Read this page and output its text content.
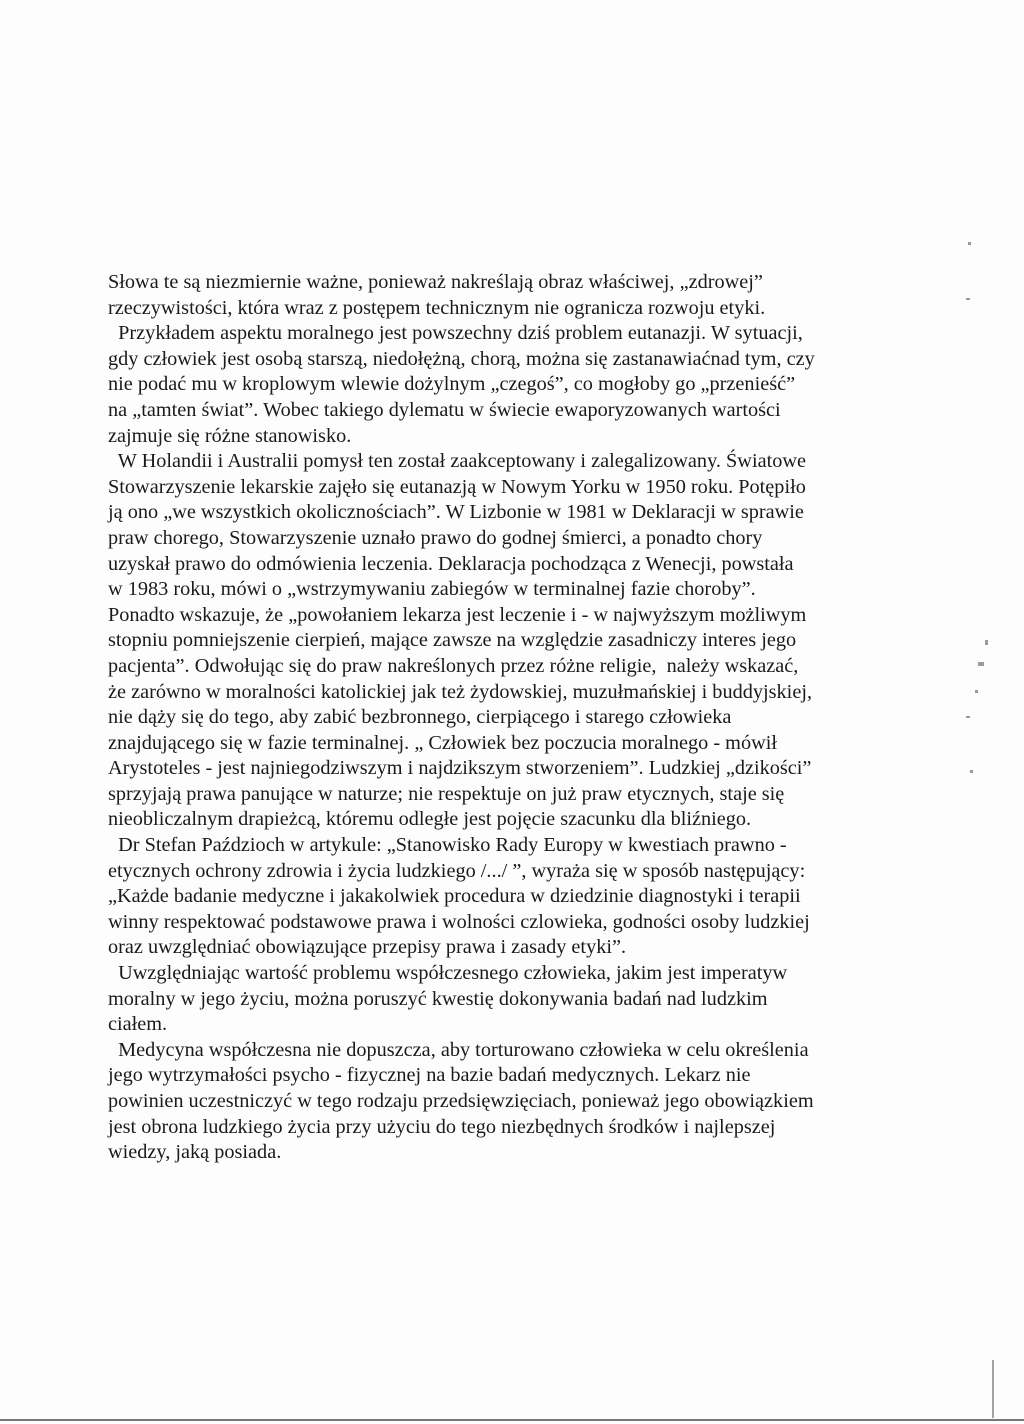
Słowa te są niezmiernie ważne, ponieważ nakreślają obraz właściwej, „zdrowej”
rzeczywistości, która wraz z postępem technicznym nie ogranicza rozwoju etyki.
Przykładem aspektu moralnego jest powszechny dziś problem eutanazji. W sytuacji,
gdy człowiek jest osobą starszą, niedołężną, chorą, można się zastanawiaćnad tym, czy
nie podać mu w kroplowym wlewie dożylnym „czegoś”, co mogłoby go „przenieść”
na „tamten świat”. Wobec takiego dylematu w świecie ewaporyzowanych wartości
zajmuje się różne stanowisko.
W Holandii i Australii pomysł ten został zaakceptowany i zalegalizowany. Światowe
Stowarzyszenie lekarskie zajęło się eutanazją w Nowym Yorku w 1950 roku. Potępiło
ją ono „we wszystkich okolicznościach”. W Lizbonie w 1981 w Deklaracji w sprawie
praw chorego, Stowarzyszenie uznało prawo do godnej śmierci, a ponadto chory
uzyskał prawo do odmówienia leczenia. Deklaracja pochodząca z Wenecji, powstała
w 1983 roku, mówi o „wstrzymywaniu zabiegów w terminalnej fazie choroby”.
Ponadto wskazuje, że „powołaniem lekarza jest leczenie i - w najwyższym możliwym
stopniu pomniejszenie cierpień, mające zawsze na względzie zasadniczy interes jego
pacjenta”. Odwołując się do praw nakreślonych przez różne religie,  należy wskazać,
że zarówno w moralności katolickiej jak też żydowskiej, muzułmańskiej i buddyjskiej,
nie dąży się do tego, aby zabić bezbronnego, cierpiącego i starego człowieka
znajdującego się w fazie terminalnej. „ Człowiek bez poczucia moralnego - mówił
Arystoteles - jest najniegodziwszym i najdzikszym stworzeniem”. Ludzkiej „dzikości”
sprzyjają prawa panujące w naturze; nie respektuje on już praw etycznych, staje się
nieobliczalnym drapieżcą, któremu odległe jest pojęcie szacunku dla bliźniego.
Dr Stefan Paździoch w artykule: „Stanowisko Rady Europy w kwestiach prawno -
etycznych ochrony zdrowia i życia ludzkiego /.../ ”, wyraża się w sposób następujący:
„Każde badanie medyczne i jakakolwiek procedura w dziedzinie diagnostyki i terapii
winny respektować podstawowe prawa i wolności czlowieka, godności osoby ludzkiej
oraz uwzględniać obowiązujące przepisy prawa i zasady etyki”.
Uwzględniając wartość problemu współczesnego człowieka, jakim jest imperatyw
moralny w jego życiu, można poruszyć kwestię dokonywania badań nad ludzkim
ciałem.
Medycyna współczesna nie dopuszcza, aby torturowano człowieka w celu określenia
jego wytrzymałości psycho - fizycznej na bazie badań medycznych. Lekarz nie
powinien uczestniczyć w tego rodzaju przedsięwzięciach, ponieważ jego obowiązkiem
jest obrona ludzkiego życia przy użyciu do tego niezbędnych środków i najlepszej
wiedzy, jaką posiada.
